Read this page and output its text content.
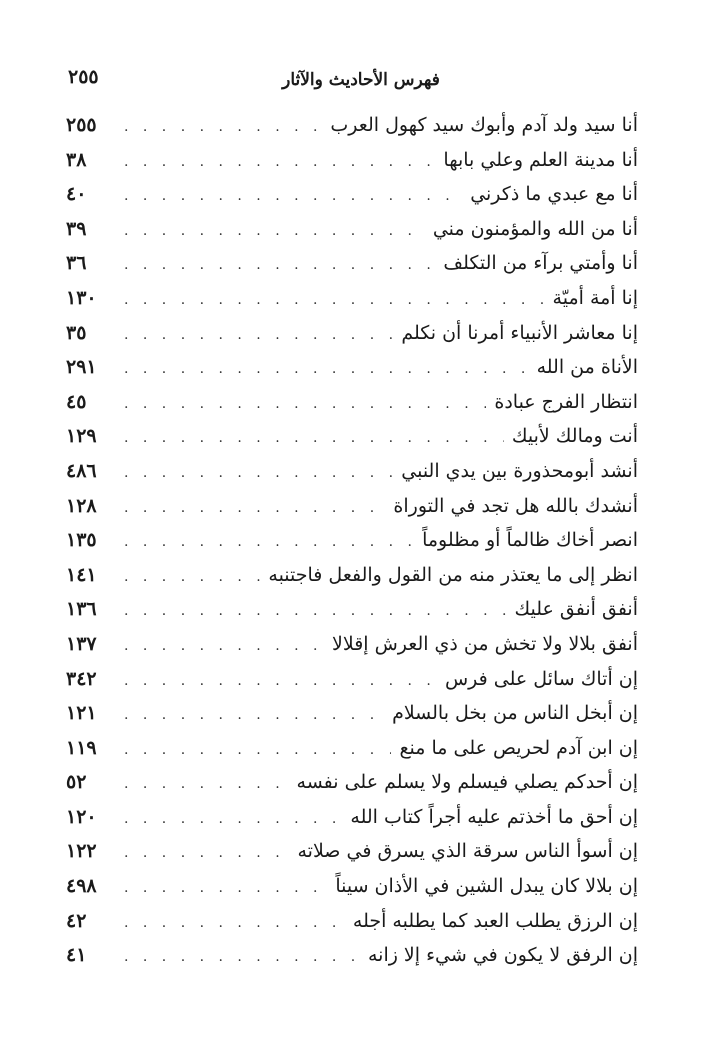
فهرس الأحاديث والآثار
٢٥٥
أنا سيد ولد آدم وأبوك سيد كهول العرب
. . .
٢٥٥
أنا مدينة العلم وعلي بابها
. . .
٣٨
أنا مع عبدي ما ذكرني
. . .
٤٠
أنا من الله والمؤمنون مني
. . .
٣٩
أنا وأمتي برآء من التكلف
. . .
٣٦
إنا أمة أميّة
. . .
١٣٠
إنا معاشر الأنبياء أمرنا أن نكلم
. . .
٣٥
الأناة من الله
. . .
٢٩١
انتظار الفرج عبادة
. . .
٤٥
أنت ومالك لأبيك
. . .
١٢٩
أنشد أبومحذورة بين يدي النبي
. . .
٤٨٦
أنشدك بالله هل تجد في التوراة
. . .
١٢٨
انصر أخاك ظالماً أو مظلوماً
. . .
١٣٥
انظر إلى ما يعتذر منه من القول والفعل فاجتنبه
. . .
١٤١
أنفق أنفق عليك
. . .
١٣٦
أنفق بلالا ولا تخش من ذي العرش إقلالا
. . .
١٣٧
إن أتاك سائل على فرس
. . .
٣٤٢
إن أبخل الناس من بخل بالسلام
. . .
١٢١
إن ابن آدم لحريص على ما منع
. . .
١١٩
إن أحدكم يصلي فيسلم ولا يسلم على نفسه
. . .
٥٢
إن أحق ما أخذتم عليه أجراً كتاب الله
. . .
١٢٠
إن أسوأ الناس سرقة الذي يسرق في صلاته
. . .
١٢٢
إن بلالا كان يبدل الشين في الأذان سيناً
. . .
٤٩٨
إن الرزق يطلب العبد كما يطلبه أجله
. . .
٤٢
إن الرفق لا يكون في شيء إلا زانه
. . .
٤١
